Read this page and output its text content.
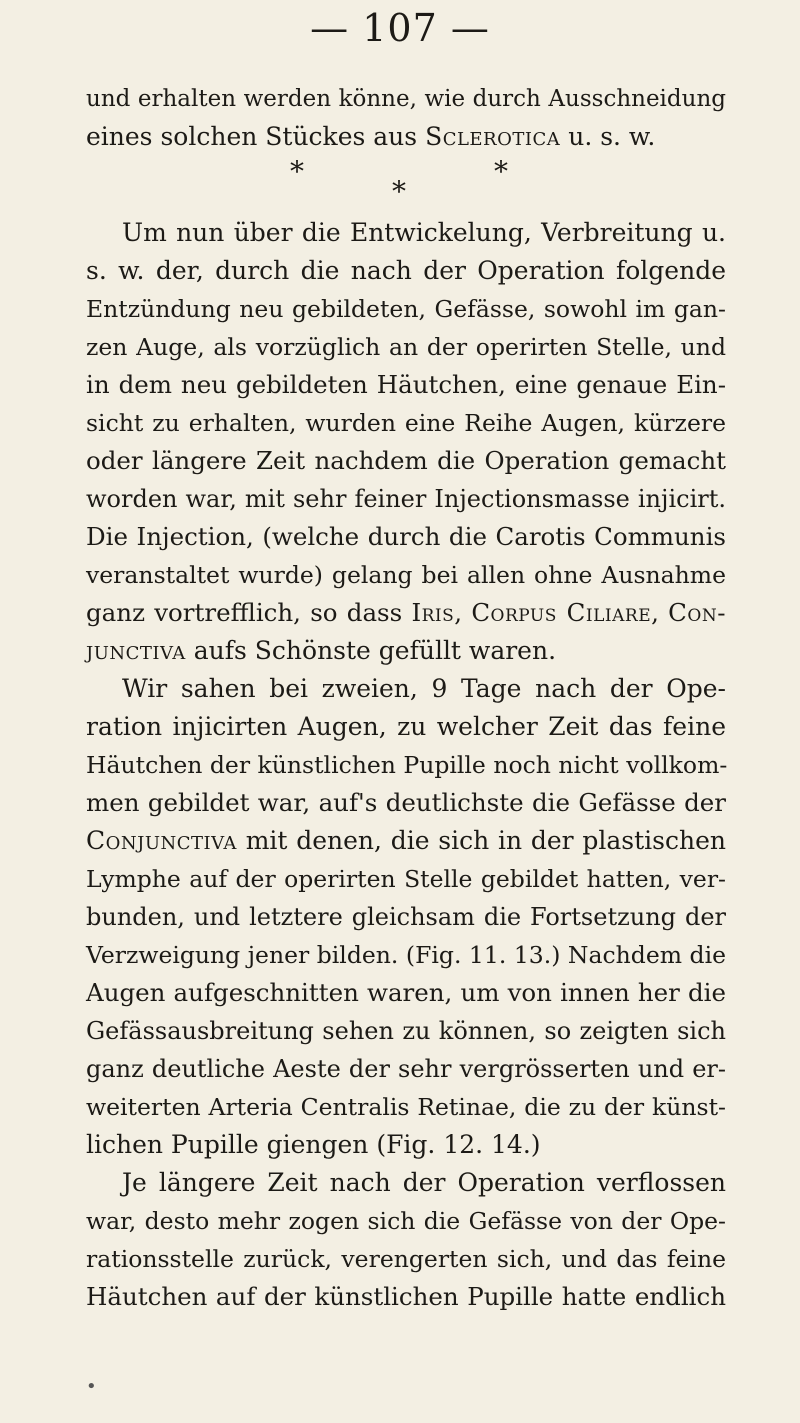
— 107 —
und erhalten werden könne, wie durch Ausschneidung
eines solchen Stückes aus Sclerotica u. s. w.
*	*
*
Um nun über die Entwickelung, Verbreitung u.
s. w. der, durch die nach der Operation folgende
Entzündung neu gebildeten, Gefässe, sowohl im gan-
zen Auge, als vorzüglich an der operirten Stelle, und
in dem neu gebildeten Häutchen, eine genaue Ein-
sicht zu erhalten, wurden eine Reihe Augen, kürzere
oder längere Zeit nachdem die Operation gemacht
worden war, mit sehr feiner Injectionsmasse injicirt.
Die Injection, (welche durch die Carotis Communis
veranstaltet wurde) gelang bei allen ohne Ausnahme
ganz vortrefflich, so dass Iris, Corpus Ciliare, Con-
junctiva aufs Schönste gefüllt waren.
Wir sahen bei zweien, 9 Tage nach der Ope-
ration injicirten Augen, zu welcher Zeit das feine
Häutchen der künstlichen Pupille noch nicht vollkom-
men gebildet war, auf's deutlichste die Gefässe der
Conjunctiva mit denen, die sich in der plastischen
Lymphe auf der operirten Stelle gebildet hatten, ver-
bunden, und letztere gleichsam die Fortsetzung der
Verzweigung jener bilden. (Fig. 11. 13.) Nachdem die
Augen aufgeschnitten waren, um von innen her die
Gefässausbreitung sehen zu können, so zeigten sich
ganz deutliche Aeste der sehr vergrösserten und er-
weiterten Arteria Centralis Retinae, die zu der künst-
lichen Pupille giengen (Fig. 12. 14.)
Je längere Zeit nach der Operation verflossen
war, desto mehr zogen sich die Gefässe von der Ope-
rationsstelle zurück, verengerten sich, und das feine
Häutchen auf der künstlichen Pupille hatte endlich
•
